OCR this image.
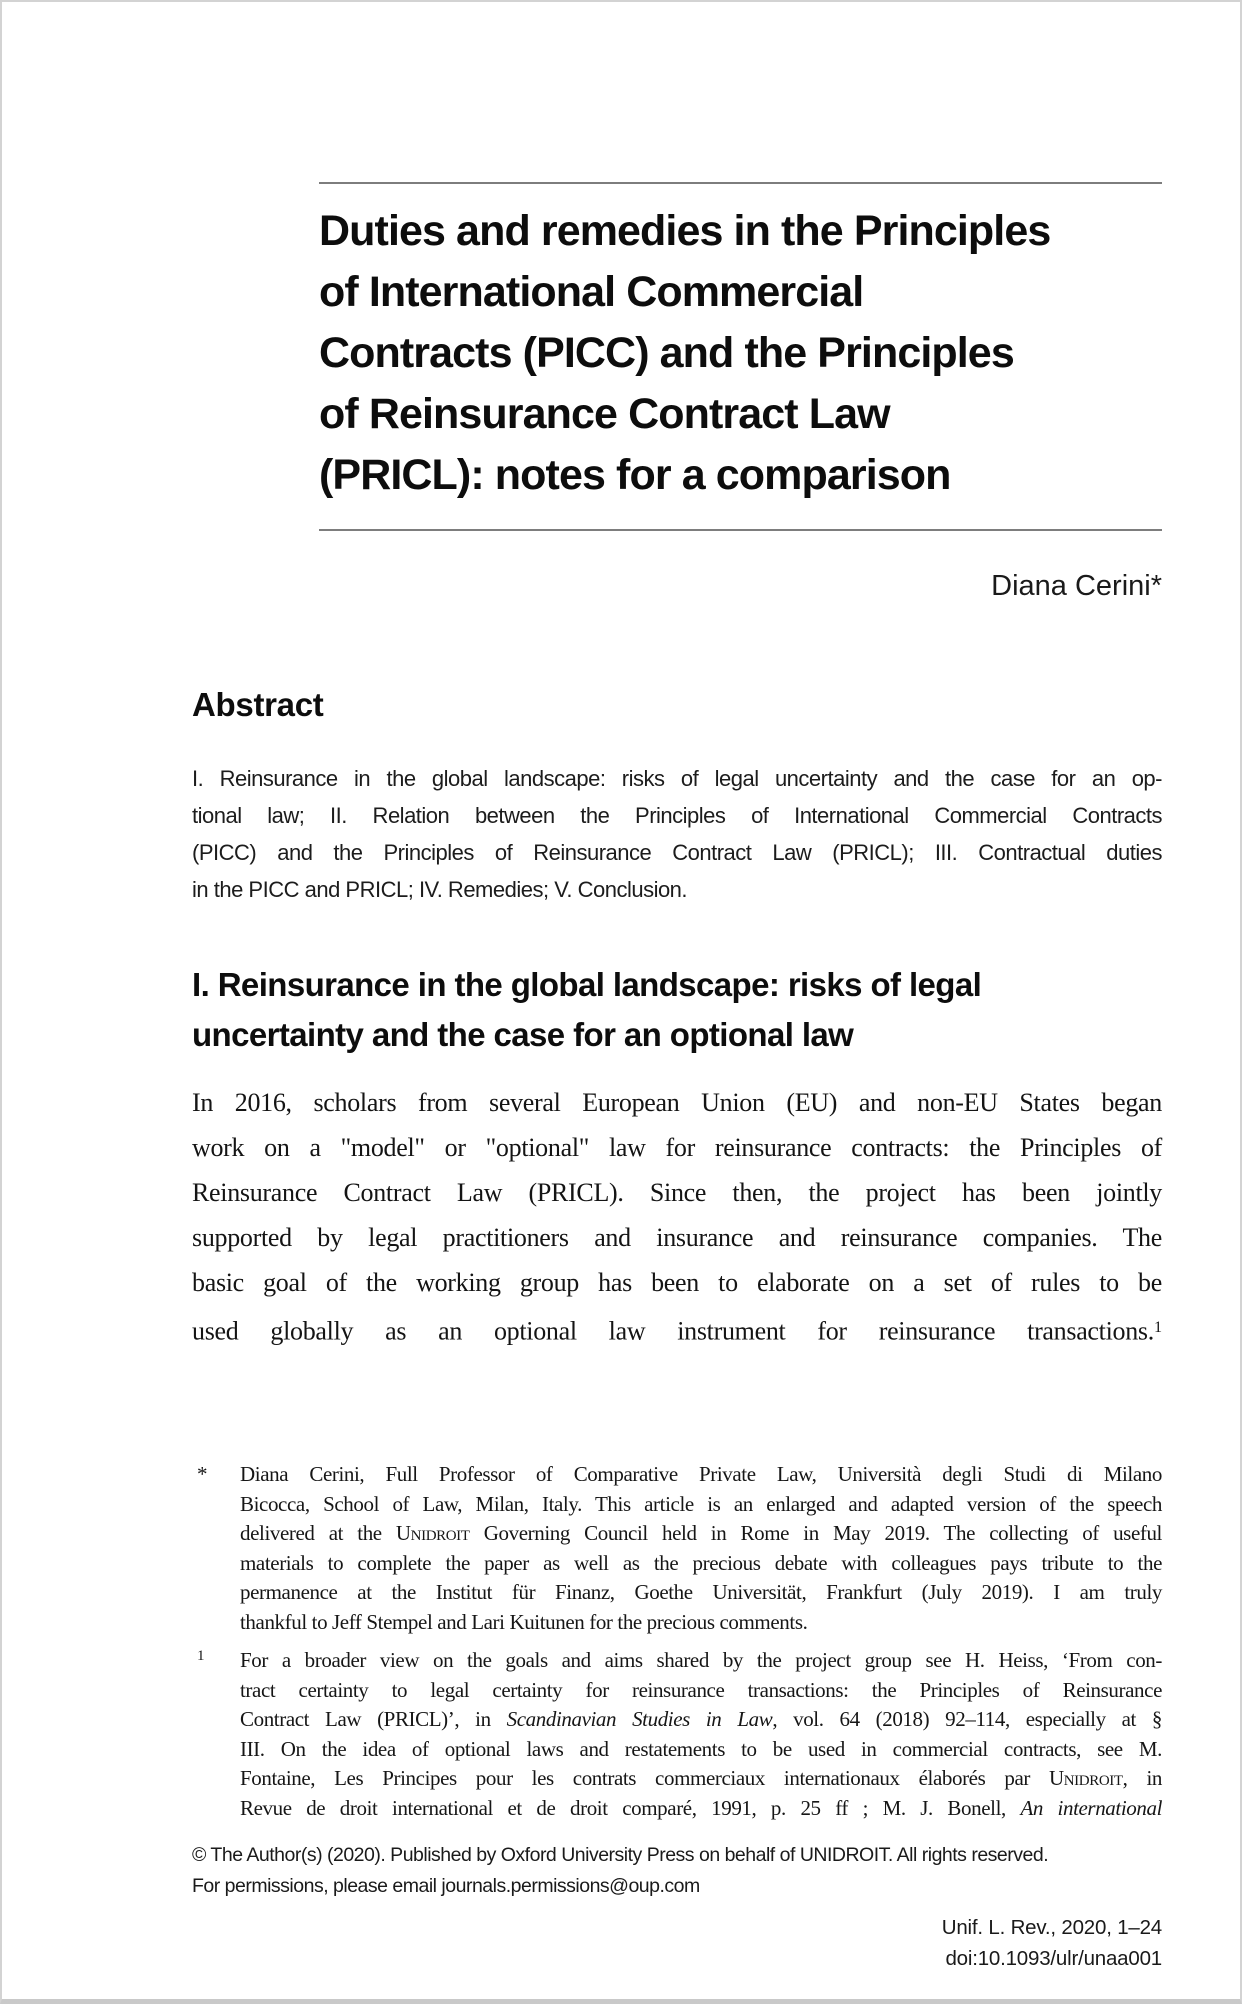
Duties and remedies in the Principles
of International Commercial
Contracts (PICC) and the Principles
of Reinsurance Contract Law
(PRICL): notes for a comparison
Diana Cerini*
Abstract
I. Reinsurance in the global landscape: risks of legal uncertainty and the case for an op-
tional law; II. Relation between the Principles of International Commercial Contracts
(PICC) and the Principles of Reinsurance Contract Law (PRICL); III. Contractual duties
in the PICC and PRICL; IV. Remedies; V. Conclusion.
I. Reinsurance in the global landscape: risks of legal
uncertainty and the case for an optional law
In 2016, scholars from several European Union (EU) and non-EU States began
work on a "model" or "optional" law for reinsurance contracts: the Principles of
Reinsurance Contract Law (PRICL). Since then, the project has been jointly
supported by legal practitioners and insurance and reinsurance companies. The
basic goal of the working group has been to elaborate on a set of rules to be
used globally as an optional law instrument for reinsurance transactions.$^1$
* Diana Cerini, Full Professor of Comparative Private Law, Università degli Studi di Milano
Bicocca, School of Law, Milan, Italy. This article is an enlarged and adapted version of the speech
delivered at the Unidroit Governing Council held in Rome in May 2019. The collecting of useful
materials to complete the paper as well as the precious debate with colleagues pays tribute to the
permanence at the Institut für Finanz, Goethe Universität, Frankfurt (July 2019). I am truly
thankful to Jeff Stempel and Lari Kuitunen for the precious comments.
1 For a broader view on the goals and aims shared by the project group see H. Heiss, ‘From con-
tract certainty to legal certainty for reinsurance transactions: the Principles of Reinsurance
Contract Law (PRICL)’, in Scandinavian Studies in Law, vol. 64 (2018) 92–114, especially at §
III. On the idea of optional laws and restatements to be used in commercial contracts, see M.
Fontaine, Les Principes pour les contrats commerciaux internationaux élaborés par Unidroit, in
Revue de droit international et de droit comparé, 1991, p. 25 ff ; M. J. Bonell, An international
© The Author(s) (2020). Published by Oxford University Press on behalf of UNIDROIT. All rights reserved.
For permissions, please email journals.permissions@oup.com
Unif. L. Rev., 2020, 1–24
doi:10.1093/ulr/unaa001
